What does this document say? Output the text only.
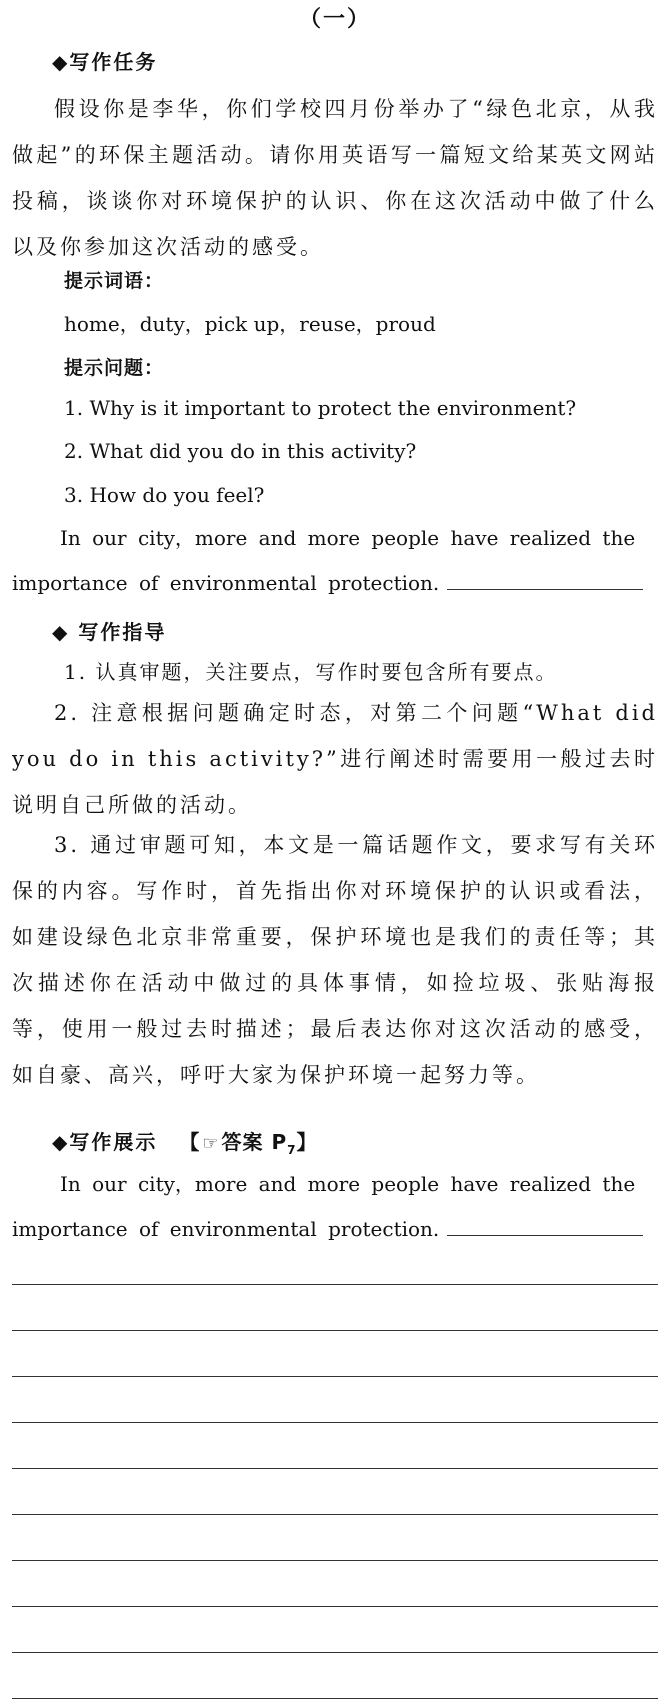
（一）
◆写作任务
假设你是李华，你们学校四月份举办了“绿色北京，从我做起”的环保主题活动。请你用英语写一篇短文给某英文网站投稿，谈谈你对环境保护的认识、你在这次活动中做了什么以及你参加这次活动的感受。
提示词语：
home，duty，pick up，reuse，proud
提示问题：
1. Why is it important to protect the environment?
2. What did you do in this activity?
3. How do you feel?
In our city，more and more people have realized the importance of environmental protection.
◆ 写作指导
1. 认真审题，关注要点，写作时要包含所有要点。
2. 注意根据问题确定时态，对第二个问题“What did you do in this activity?”进行阐述时需要用一般过去时说明自己所做的活动。
3. 通过审题可知，本文是一篇话题作文，要求写有关环保的内容。写作时，首先指出你对环境保护的认识或看法，如建设绿色北京非常重要，保护环境也是我们的责任等；其次描述你在活动中做过的具体事情，如捡垃圾、张贴海报等，使用一般过去时描述；最后表达你对这次活动的感受，如自豪、高兴，呼吁大家为保护环境一起努力等。
◆写作展示 【 ☞ 答案 $P_7$】
In our city，more and more people have realized the importance of environmental protection.
